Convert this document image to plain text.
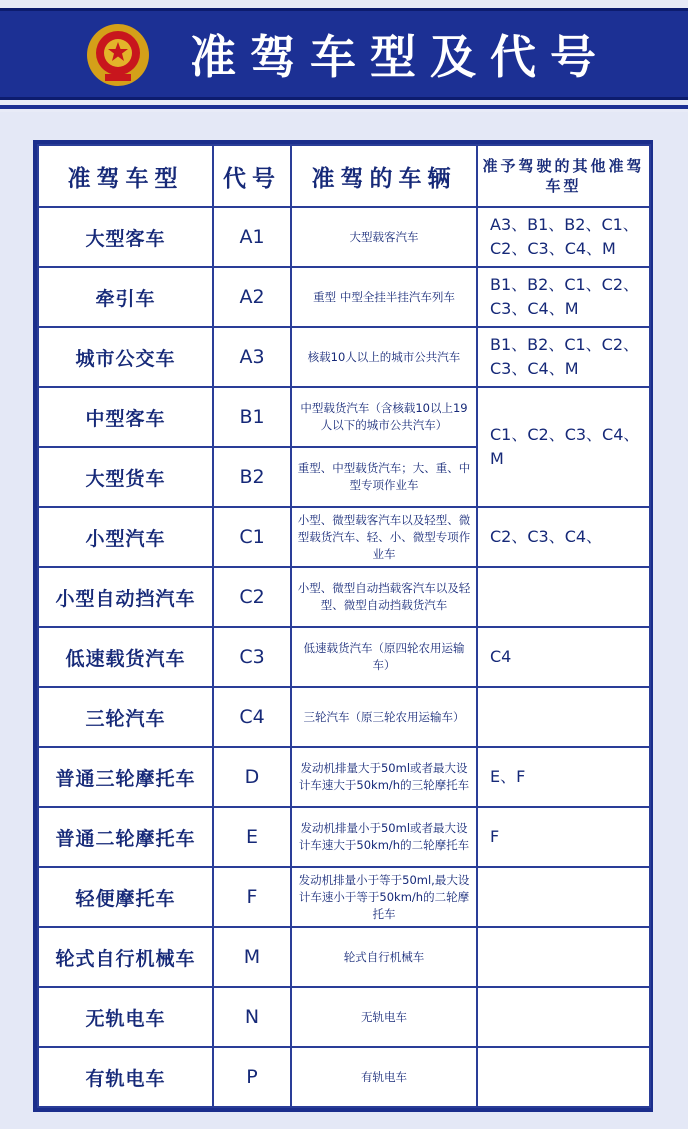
准驾车型及代号
准驾车型	代号	准驾的车辆	准予驾驶的其他准驾车型
大型客车	A1	大型载客汽车	A3、B1、B2、C1、C2、C3、C4、M
牵引车	A2	重型 中型全挂半挂汽车列车	B1、B2、C1、C2、C3、C4、M
城市公交车	A3	核载10人以上的城市公共汽车	B1、B2、C1、C2、C3、C4、M
中型客车	B1	中型载货汽车（含核载10以上19人以下的城市公共汽车）	C1、C2、C3、C4、M
大型货车	B2	重型、中型载货汽车；大、重、中型专项作业车	
小型汽车	C1	小型、微型载客汽车以及轻型、微型载货汽车、轻、小、微型专项作业车	C2、C3、C4、
小型自动挡汽车	C2	小型、微型自动挡载客汽车以及轻型、微型自动挡载货汽车	
低速载货汽车	C3	低速载货汽车（原四轮农用运输车）	C4
三轮汽车	C4	三轮汽车（原三轮农用运输车）	
普通三轮摩托车	D	发动机排量大于50ml或者最大设计车速大于50km/h的三轮摩托车	E、F
普通二轮摩托车	E	发动机排量小于50ml或者最大设计车速大于50km/h的二轮摩托车	F
轻便摩托车	F	发动机排量小于等于50ml,最大设计车速小于等于50km/h的二轮摩托车	
轮式自行机械车	M	轮式自行机械车	
无轨电车	N	无轨电车	
有轨电车	P	有轨电车	
